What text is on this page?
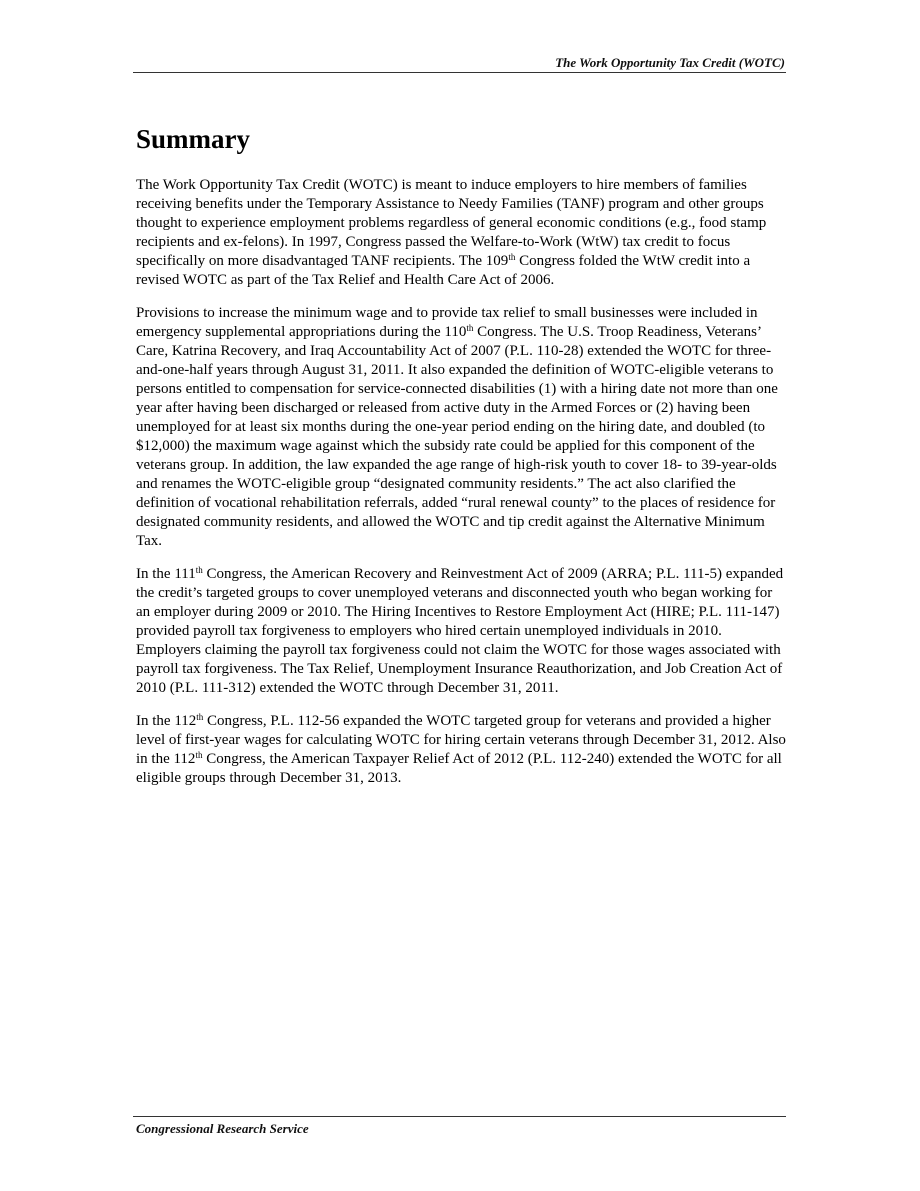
The Work Opportunity Tax Credit (WOTC)
Summary

The Work Opportunity Tax Credit (WOTC) is meant to induce employers to hire members of families receiving benefits under the Temporary Assistance to Needy Families (TANF) program and other groups thought to experience employment problems regardless of general economic conditions (e.g., food stamp recipients and ex-felons). In 1997, Congress passed the Welfare-to-Work (WtW) tax credit to focus specifically on more disadvantaged TANF recipients. The 109th Congress folded the WtW credit into a revised WOTC as part of the Tax Relief and Health Care Act of 2006.

Provisions to increase the minimum wage and to provide tax relief to small businesses were included in emergency supplemental appropriations during the 110th Congress. The U.S. Troop Readiness, Veterans’ Care, Katrina Recovery, and Iraq Accountability Act of 2007 (P.L. 110-28) extended the WOTC for three-and-one-half years through August 31, 2011. It also expanded the definition of WOTC-eligible veterans to persons entitled to compensation for service-connected disabilities (1) with a hiring date not more than one year after having been discharged or released from active duty in the Armed Forces or (2) having been unemployed for at least six months during the one-year period ending on the hiring date, and doubled (to $12,000) the maximum wage against which the subsidy rate could be applied for this component of the veterans group. In addition, the law expanded the age range of high-risk youth to cover 18- to 39-year-olds and renames the WOTC-eligible group “designated community residents.” The act also clarified the definition of vocational rehabilitation referrals, added “rural renewal county” to the places of residence for designated community residents, and allowed the WOTC and tip credit against the Alternative Minimum Tax.

In the 111th Congress, the American Recovery and Reinvestment Act of 2009 (ARRA; P.L. 111-5) expanded the credit’s targeted groups to cover unemployed veterans and disconnected youth who began working for an employer during 2009 or 2010. The Hiring Incentives to Restore Employment Act (HIRE; P.L. 111-147) provided payroll tax forgiveness to employers who hired certain unemployed individuals in 2010. Employers claiming the payroll tax forgiveness could not claim the WOTC for those wages associated with payroll tax forgiveness. The Tax Relief, Unemployment Insurance Reauthorization, and Job Creation Act of 2010 (P.L. 111-312) extended the WOTC through December 31, 2011.

In the 112th Congress, P.L. 112-56 expanded the WOTC targeted group for veterans and provided a higher level of first-year wages for calculating WOTC for hiring certain veterans through December 31, 2012. Also in the 112th Congress, the American Taxpayer Relief Act of 2012 (P.L. 112-240) extended the WOTC for all eligible groups through December 31, 2013.

Congressional Research Service
